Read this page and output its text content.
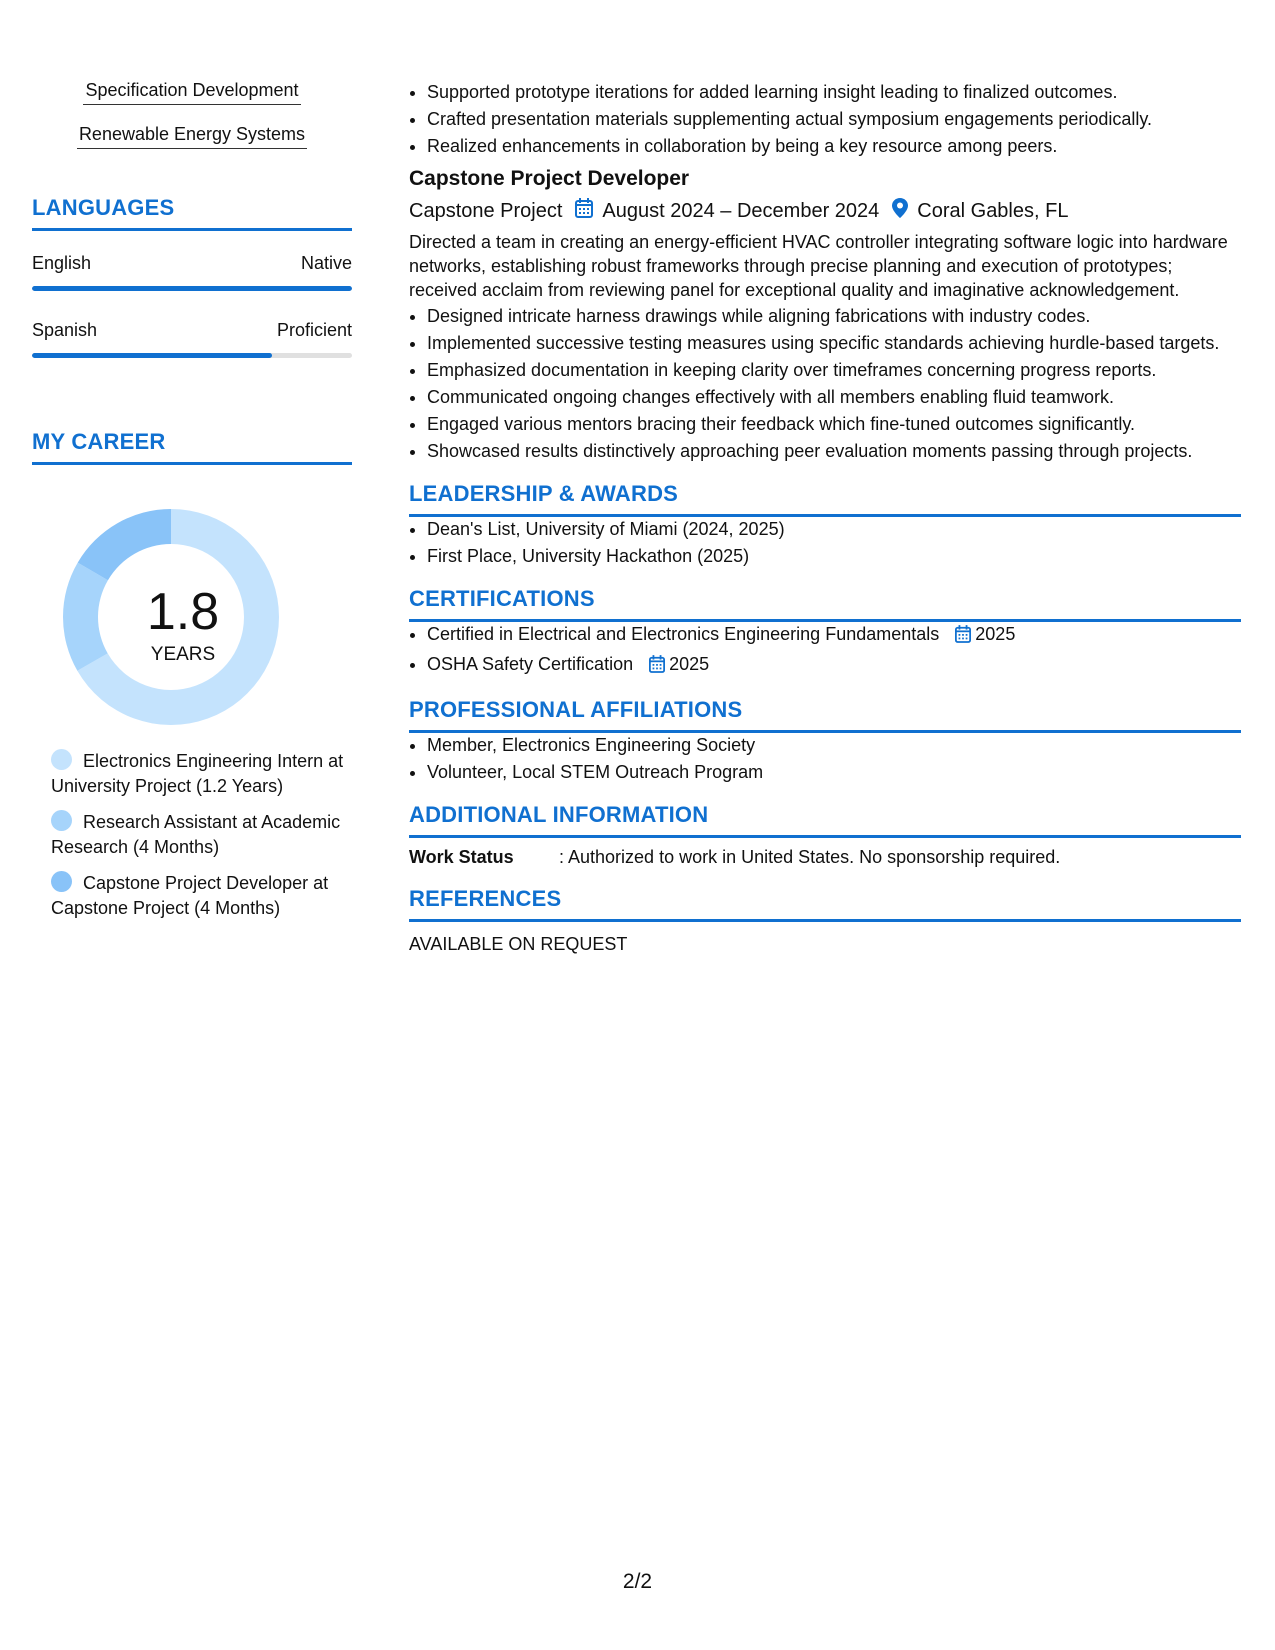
Specification Development
Renewable Energy Systems
LANGUAGES
English	Native
Spanish	Proficient
MY CAREER
1.8
YEARS
Electronics Engineering Intern at University Project (1.2 Years)
Research Assistant at Academic Research (4 Months)
Capstone Project Developer at Capstone Project (4 Months)
• Supported prototype iterations for added learning insight leading to finalized outcomes.
• Crafted presentation materials supplementing actual symposium engagements periodically.
• Realized enhancements in collaboration by being a key resource among peers.
Capstone Project Developer
Capstone Project August 2024 – December 2024 Coral Gables, FL
Directed a team in creating an energy-efficient HVAC controller integrating software logic into hardware networks, establishing robust frameworks through precise planning and execution of prototypes; received acclaim from reviewing panel for exceptional quality and imaginative acknowledgement.
• Designed intricate harness drawings while aligning fabrications with industry codes.
• Implemented successive testing measures using specific standards achieving hurdle-based targets.
• Emphasized documentation in keeping clarity over timeframes concerning progress reports.
• Communicated ongoing changes effectively with all members enabling fluid teamwork.
• Engaged various mentors bracing their feedback which fine-tuned outcomes significantly.
• Showcased results distinctively approaching peer evaluation moments passing through projects.
LEADERSHIP & AWARDS
• Dean's List, University of Miami (2024, 2025)
• First Place, University Hackathon (2025)
CERTIFICATIONS
• Certified in Electrical and Electronics Engineering Fundamentals 2025
• OSHA Safety Certification 2025
PROFESSIONAL AFFILIATIONS
• Member, Electronics Engineering Society
• Volunteer, Local STEM Outreach Program
ADDITIONAL INFORMATION
Work Status	: Authorized to work in United States. No sponsorship required.
REFERENCES
AVAILABLE ON REQUEST
2/2
